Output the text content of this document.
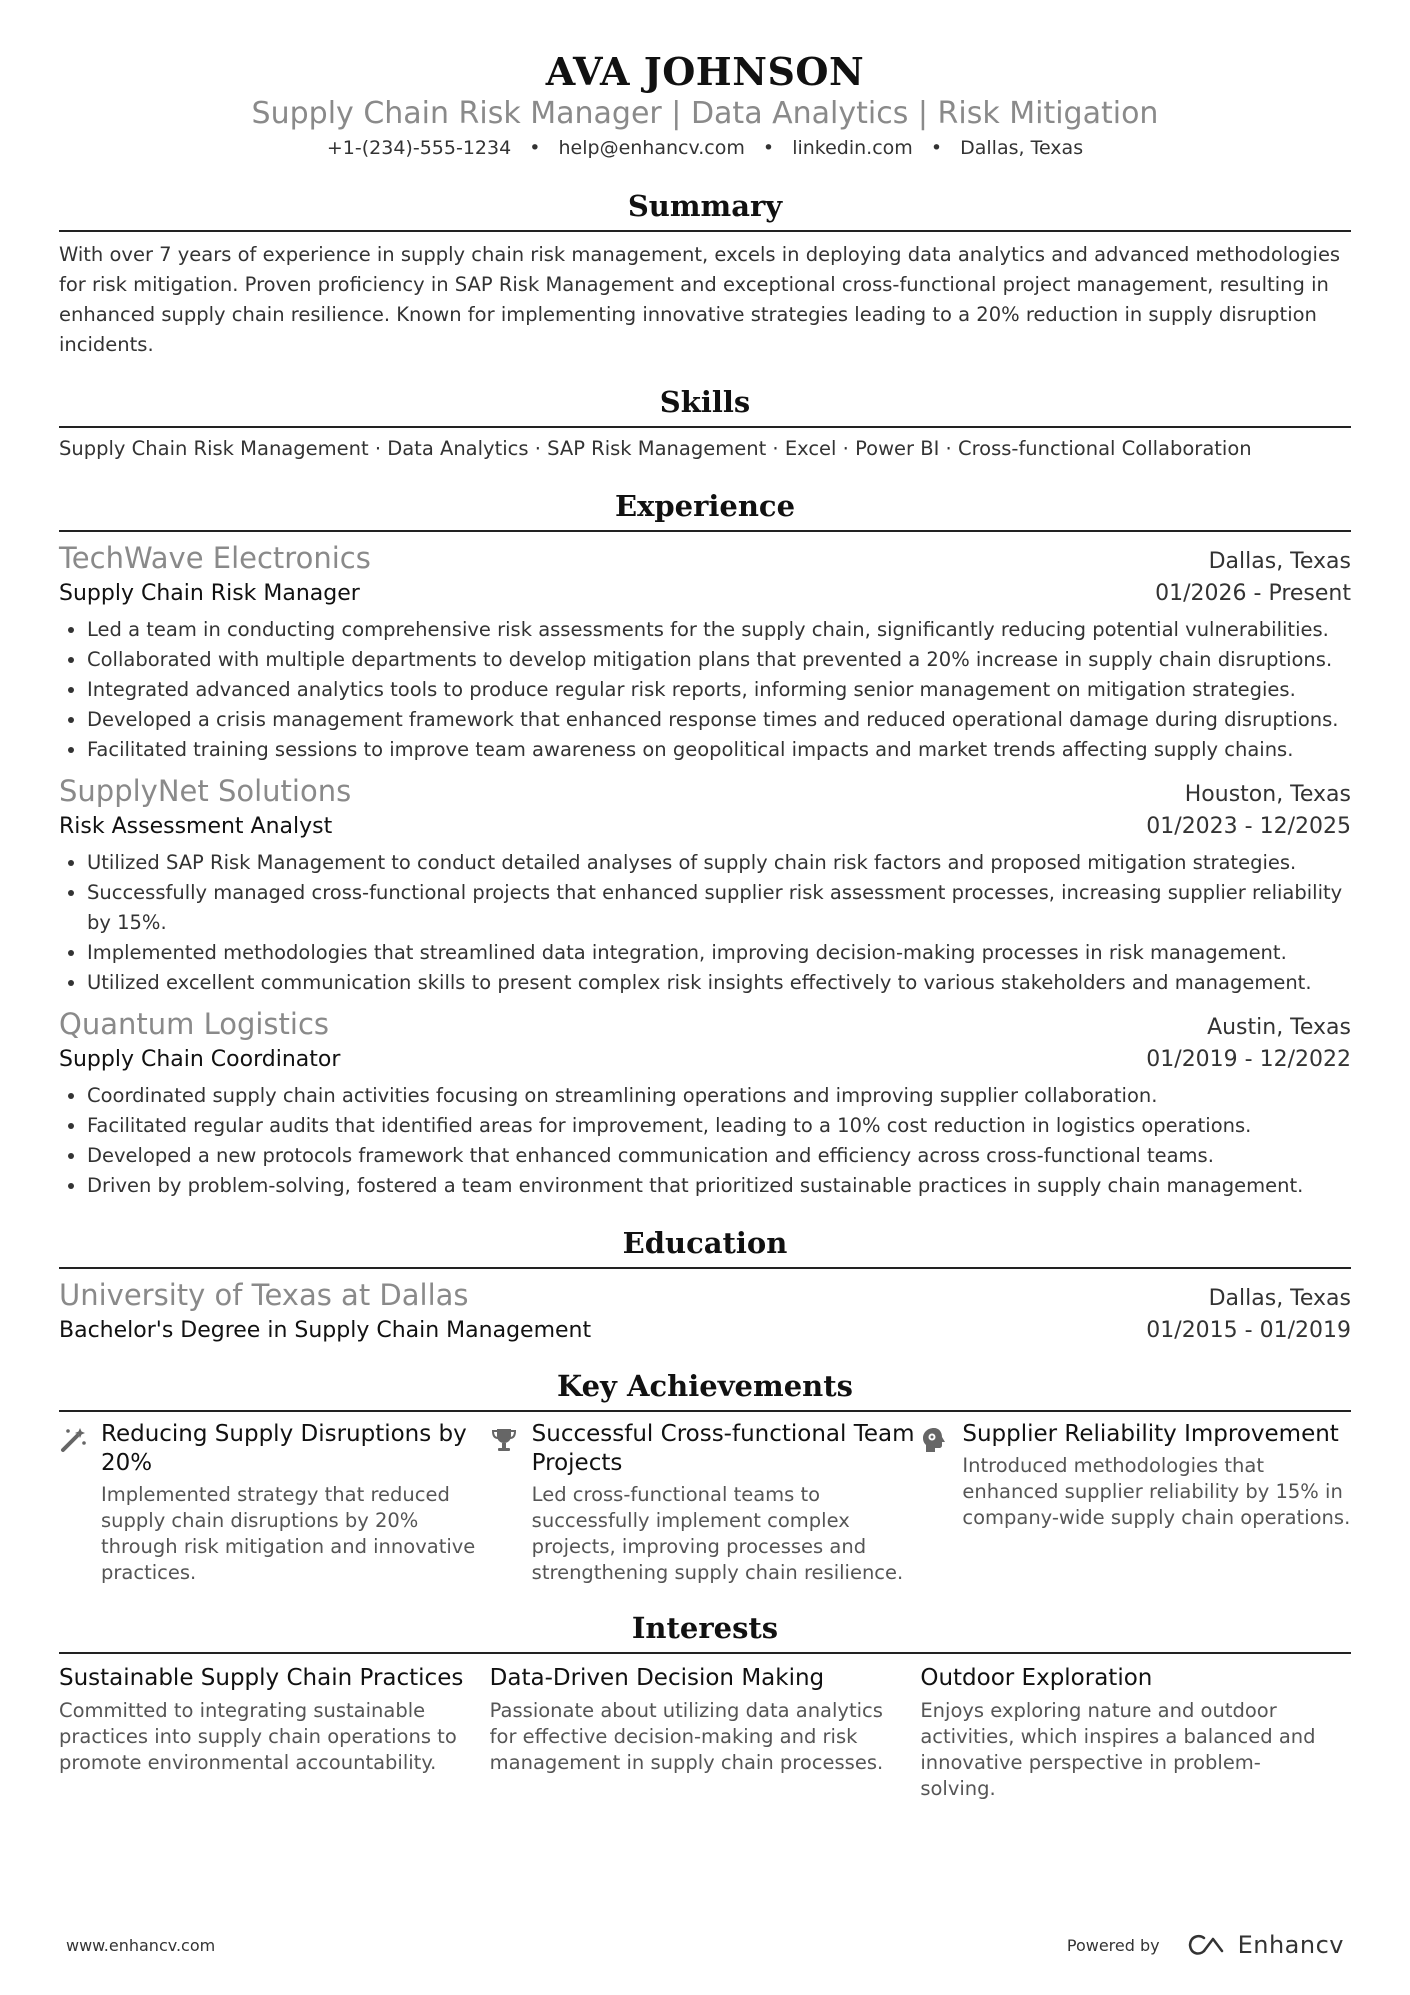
AVA JOHNSON
Supply Chain Risk Manager | Data Analytics | Risk Mitigation
+1-(234)-555-1234 • help@enhancv.com • linkedin.com • Dallas, Texas
Summary
With over 7 years of experience in supply chain risk management, excels in deploying data analytics and advanced methodologies for risk mitigation. Proven proficiency in SAP Risk Management and exceptional cross-functional project management, resulting in enhanced supply chain resilience. Known for implementing innovative strategies leading to a 20% reduction in supply disruption incidents.
Skills
Supply Chain Risk Management · Data Analytics · SAP Risk Management · Excel · Power BI · Cross-functional Collaboration
Experience
TechWave Electronics	Dallas, Texas
Supply Chain Risk Manager	01/2026 - Present
• Led a team in conducting comprehensive risk assessments for the supply chain, significantly reducing potential vulnerabilities.
• Collaborated with multiple departments to develop mitigation plans that prevented a 20% increase in supply chain disruptions.
• Integrated advanced analytics tools to produce regular risk reports, informing senior management on mitigation strategies.
• Developed a crisis management framework that enhanced response times and reduced operational damage during disruptions.
• Facilitated training sessions to improve team awareness on geopolitical impacts and market trends affecting supply chains.
SupplyNet Solutions	Houston, Texas
Risk Assessment Analyst	01/2023 - 12/2025
• Utilized SAP Risk Management to conduct detailed analyses of supply chain risk factors and proposed mitigation strategies.
• Successfully managed cross-functional projects that enhanced supplier risk assessment processes, increasing supplier reliability by 15%.
• Implemented methodologies that streamlined data integration, improving decision-making processes in risk management.
• Utilized excellent communication skills to present complex risk insights effectively to various stakeholders and management.
Quantum Logistics	Austin, Texas
Supply Chain Coordinator	01/2019 - 12/2022
• Coordinated supply chain activities focusing on streamlining operations and improving supplier collaboration.
• Facilitated regular audits that identified areas for improvement, leading to a 10% cost reduction in logistics operations.
• Developed a new protocols framework that enhanced communication and efficiency across cross-functional teams.
• Driven by problem-solving, fostered a team environment that prioritized sustainable practices in supply chain management.
Education
University of Texas at Dallas	Dallas, Texas
Bachelor's Degree in Supply Chain Management	01/2015 - 01/2019
Key Achievements
Reducing Supply Disruptions by 20%
Implemented strategy that reduced supply chain disruptions by 20% through risk mitigation and innovative practices.
Successful Cross-functional Team Projects
Led cross-functional teams to successfully implement complex projects, improving processes and strengthening supply chain resilience.
Supplier Reliability Improvement
Introduced methodologies that enhanced supplier reliability by 15% in company-wide supply chain operations.
Interests
Sustainable Supply Chain Practices
Committed to integrating sustainable practices into supply chain operations to promote environmental accountability.
Data-Driven Decision Making
Passionate about utilizing data analytics for effective decision-making and risk management in supply chain processes.
Outdoor Exploration
Enjoys exploring nature and outdoor activities, which inspires a balanced and innovative perspective in problem-solving.
www.enhancv.com	Powered by	Enhancv
